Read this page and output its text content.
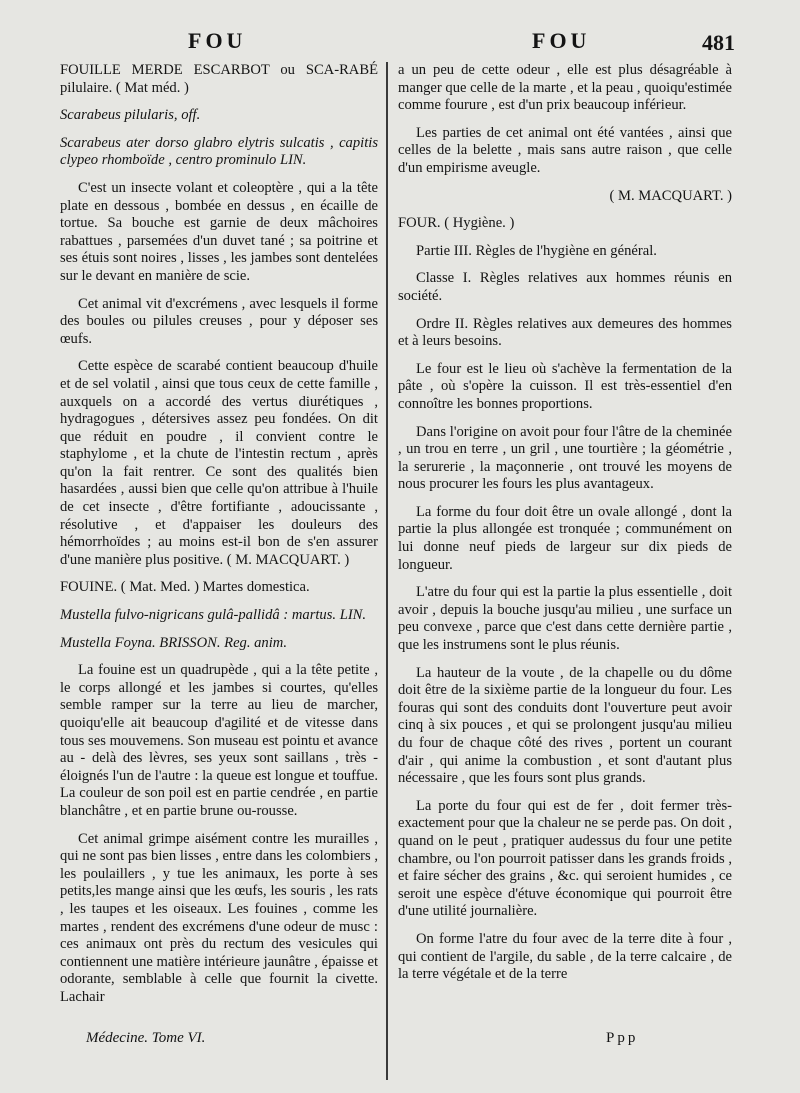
FOU	FOU	481

FOUILLE MERDE ESCARBOT ou SCA-RABÉ pilulaire. ( Mat méd. )

Scarabeus pilularis, off.

Scarabeus ater dorso glabro elytris sulcatis , capitis clypeo rhomboïde , centro prominulo LIN.

C'est un insecte volant et coleoptère , qui a la tête plate en dessous , bombée en dessus , en écaille de tortue. Sa bouche est garnie de deux mâchoires rabattues , parsemées d'un duvet tané ; sa poitrine et ses étuis sont noires , lisses , les jambes sont dentelées sur le devant en manière de scie.

Cet animal vit d'excrémens , avec lesquels il forme des boules ou pilules creuses , pour y déposer ses œufs.

Cette espèce de scarabé contient beaucoup d'huile et de sel volatil , ainsi que tous ceux de cette famille , auxquels on a accordé des vertus diurétiques , hydragogues , détersives assez peu fondées. On dit que réduit en poudre , il convient contre le staphylome , et la chute de l'intestin rectum , après qu'on la fait rentrer. Ce sont des qualités bien hasardées , aussi bien que celle qu'on attribue à l'huile de cet insecte , d'être fortifiante , adoucissante , résolutive , et d'appaiser les douleurs des hémorrhoïdes ; au moins est-il bon de s'en assurer d'une manière plus positive. ( M. MACQUART. )

FOUINE. ( Mat. Med. ) Martes domestica.

Mustella fulvo-nigricans gulâ-pallidâ : martus. LIN.

Mustella Foyna. BRISSON. Reg. anim.

La fouine est un quadrupède , qui a la tête petite , le corps allongé et les jambes si courtes, qu'elles semble ramper sur la terre au lieu de marcher, quoiqu'elle ait beaucoup d'agilité et de vitesse dans tous ses mouvemens. Son museau est pointu et avance au - delà des lèvres, ses yeux sont saillans , très - éloignés l'un de l'autre : la queue est longue et touffue. La couleur de son poil est en partie cendrée , en partie blanchâtre , et en partie brune ou-rousse.

Cet animal grimpe aisément contre les murailles , qui ne sont pas bien lisses , entre dans les colombiers , les poulaillers , y tue les animaux, les porte à ses petits,les mange ainsi que les œufs, les souris , les rats , les taupes et les oiseaux. Les fouines , comme les martes , rendent des excrémens d'une odeur de musc : ces animaux ont près du rectum des vesicules qui contiennent une matière intérieure jaunâtre , épaisse et odorante, semblable à celle que fournit la civette. Lachair

a un peu de cette odeur , elle est plus désagréable à manger que celle de la marte , et la peau , quoiqu'estimée comme fourure , est d'un prix beaucoup inférieur.

Les parties de cet animal ont été vantées , ainsi que celles de la belette , mais sans autre raison , que celle d'un empirisme aveugle.

( M. MACQUART. )

FOUR. ( Hygiène. )

Partie III. Règles de l'hygiène en général.

Classe I. Règles relatives aux hommes réunis en société.

Ordre II. Règles relatives aux demeures des hommes et à leurs besoins.

Le four est le lieu où s'achève la fermentation de la pâte , où s'opère la cuisson. Il est très-essentiel d'en connoître les bonnes proportions.

Dans l'origine on avoit pour four l'âtre de la cheminée , un trou en terre , un gril , une tourtière ; la géométrie , la serurerie , la maçonnerie , ont trouvé les moyens de nous procurer les fours les plus avantageux.

La forme du four doit être un ovale allongé , dont la partie la plus allongée est tronquée ; communément on lui donne neuf pieds de largeur sur dix pieds de longueur.

L'atre du four qui est la partie la plus essentielle , doit avoir , depuis la bouche jusqu'au milieu , une surface un peu convexe , parce que c'est dans cette dernière partie , que les instrumens sont le plus réunis.

La hauteur de la voute , de la chapelle ou du dôme doit être de la sixième partie de la longueur du four. Les fouras qui sont des conduits dont l'ouverture peut avoir cinq à six pouces , et qui se prolongent jusqu'au milieu du four de chaque côté des rives , portent un courant d'air , qui anime la combustion , et sont d'autant plus nécessaire , que les fours sont plus grands.

La porte du four qui est de fer , doit fermer très-exactement pour que la chaleur ne se perde pas. On doit , quand on le peut , pratiquer audessus du four une petite chambre, ou l'on pourroit patisser dans les grands froids , et faire sécher des grains , &c. qui seroient humides , ce seroit une espèce d'étuve économique qui pourroit être d'une utilité journalière.

On forme l'atre du four avec de la terre dite à four , qui contient de l'argile, du sable , de la terre calcaire , de la terre végétale et de la terre

Médecine. Tome VI.	Ppp
